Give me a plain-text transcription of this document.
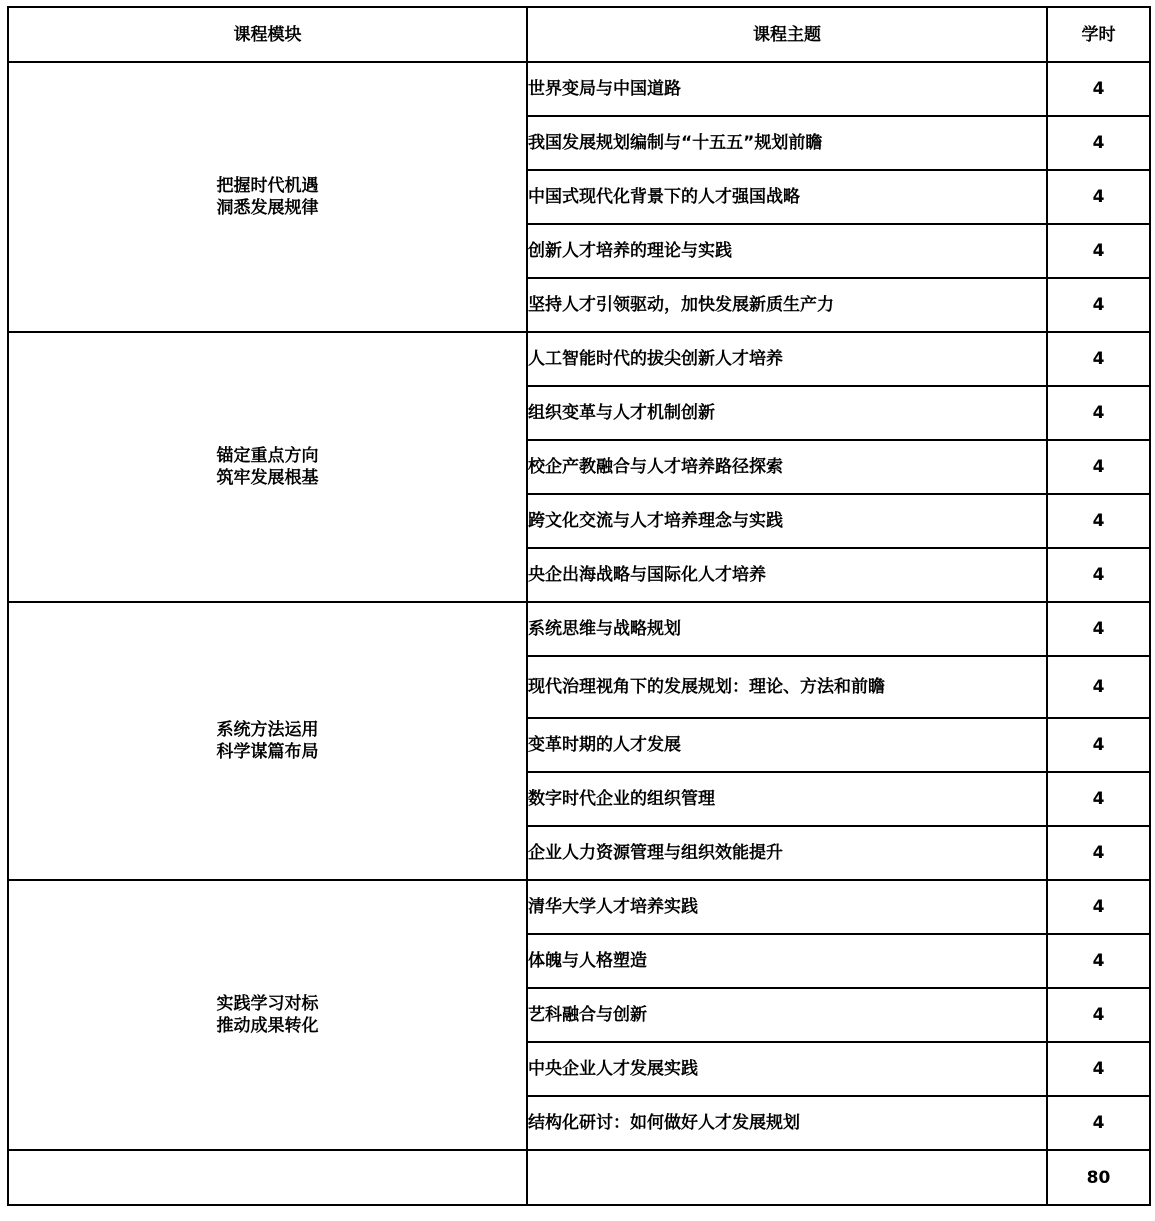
课程模块	课程主题	学时

把握时代机遇
洞悉发展规律	世界变局与中国道路	4
	我国发展规划编制与“十五五”规划前瞻	4
	中国式现代化背景下的人才强国战略	4
	创新人才培养的理论与实践	4
	坚持人才引领驱动，加快发展新质生产力	4

锚定重点方向
筑牢发展根基	人工智能时代的拔尖创新人才培养	4
	组织变革与人才机制创新	4
	校企产教融合与人才培养路径探索	4
	跨文化交流与人才培养理念与实践	4
	央企出海战略与国际化人才培养	4

系统方法运用
科学谋篇布局	系统思维与战略规划	4
	现代治理视角下的发展规划：理论、方法和前瞻	4
	变革时期的人才发展	4
	数字时代企业的组织管理	4
	企业人力资源管理与组织效能提升	4

实践学习对标
推动成果转化	清华大学人才培养实践	4
	体魄与人格塑造	4
	艺科融合与创新	4
	中央企业人才发展实践	4
	结构化研讨：如何做好人才发展规划	4
		80
